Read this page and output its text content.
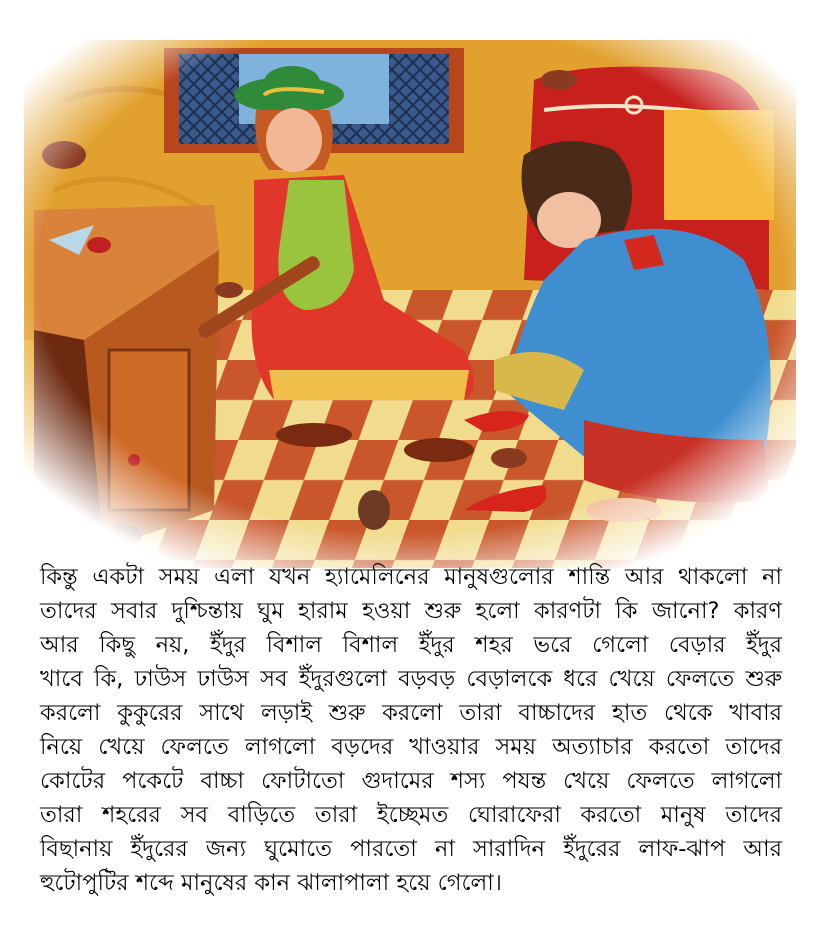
কিন্তু একটা সময় এলা যখন হ্যামেলিনের মানুষগুলোর শান্তি আর থাকলো না
তাদের সবার দুশ্চিন্তায় ঘুম হারাম হওয়া শুরু হলো কারণটা কি জানো? কারণ
আর কিছু নয়, ইঁদুর বিশাল বিশাল ইঁদুর শহর ভরে গেলো বেড়ার ইঁদুর
খাবে কি, ঢাউস ঢাউস সব ইঁদুরগুলো বড়বড় বেড়ালকে ধরে খেয়ে ফেলতে শুরু
করলো কুকুরের সাথে লড়াই শুরু করলো তারা বাচ্চাদের হাত থেকে খাবার
নিয়ে খেয়ে ফেলতে লাগলো বড়দের খাওয়ার সময় অত্যাচার করতো তাদের
কোটের পকেটে বাচ্চা ফোটাতো গুদামের শস্য পযন্ত খেয়ে ফেলতে লাগলো
তারা শহরের সব বাড়িতে তারা ইচ্ছেমত ঘোরাফেরা করতো মানুষ তাদের
বিছানায় ইঁদুরের জন্য ঘুমোতে পারতো না সারাদিন ইঁদুরের লাফ-ঝাপ আর
হুটোপুটির শব্দে মানুষের কান ঝালাপালা হয়ে গেলো।
